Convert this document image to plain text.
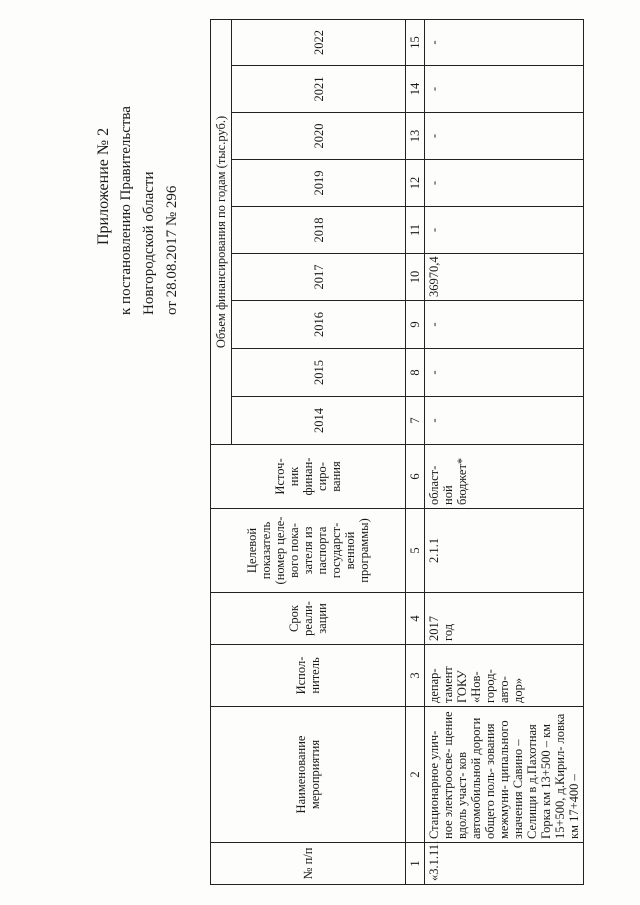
Приложение № 2 к постановлению Правительства Новгородской области от 28.08.2017 № 296
№ п/п	Наименование мероприятия	Испол- нитель	Срок реали- зации	Целевой показатель (номер целе- вого пока- зателя из паспорта государст- венной программы)	Источ- ник финан- сиро- вания	Объем финансирования по годам (тыс.руб.)								
						2014	2015	2016	2017	2018	2019	2020	2021	2022
1	2	3	4	5	6	7	8	9	10	11	12	13	14	15
«3.1.11.	Стационарное улич- ное электроосве- щение вдоль участ- ков автомобильной дороги общего поль- зования межмуни- ципального значения Савино – Селищи в д.Пахотная Горка км 13+500 – км 15+500, д.Кирил- ловка км 17+400 –	депар- тамент ГОКУ «Нов- город- авто- дор»	2017 год	2.1.1	област- ной бюджет*	-	-	-	36970,4	-	-	-	-	-
